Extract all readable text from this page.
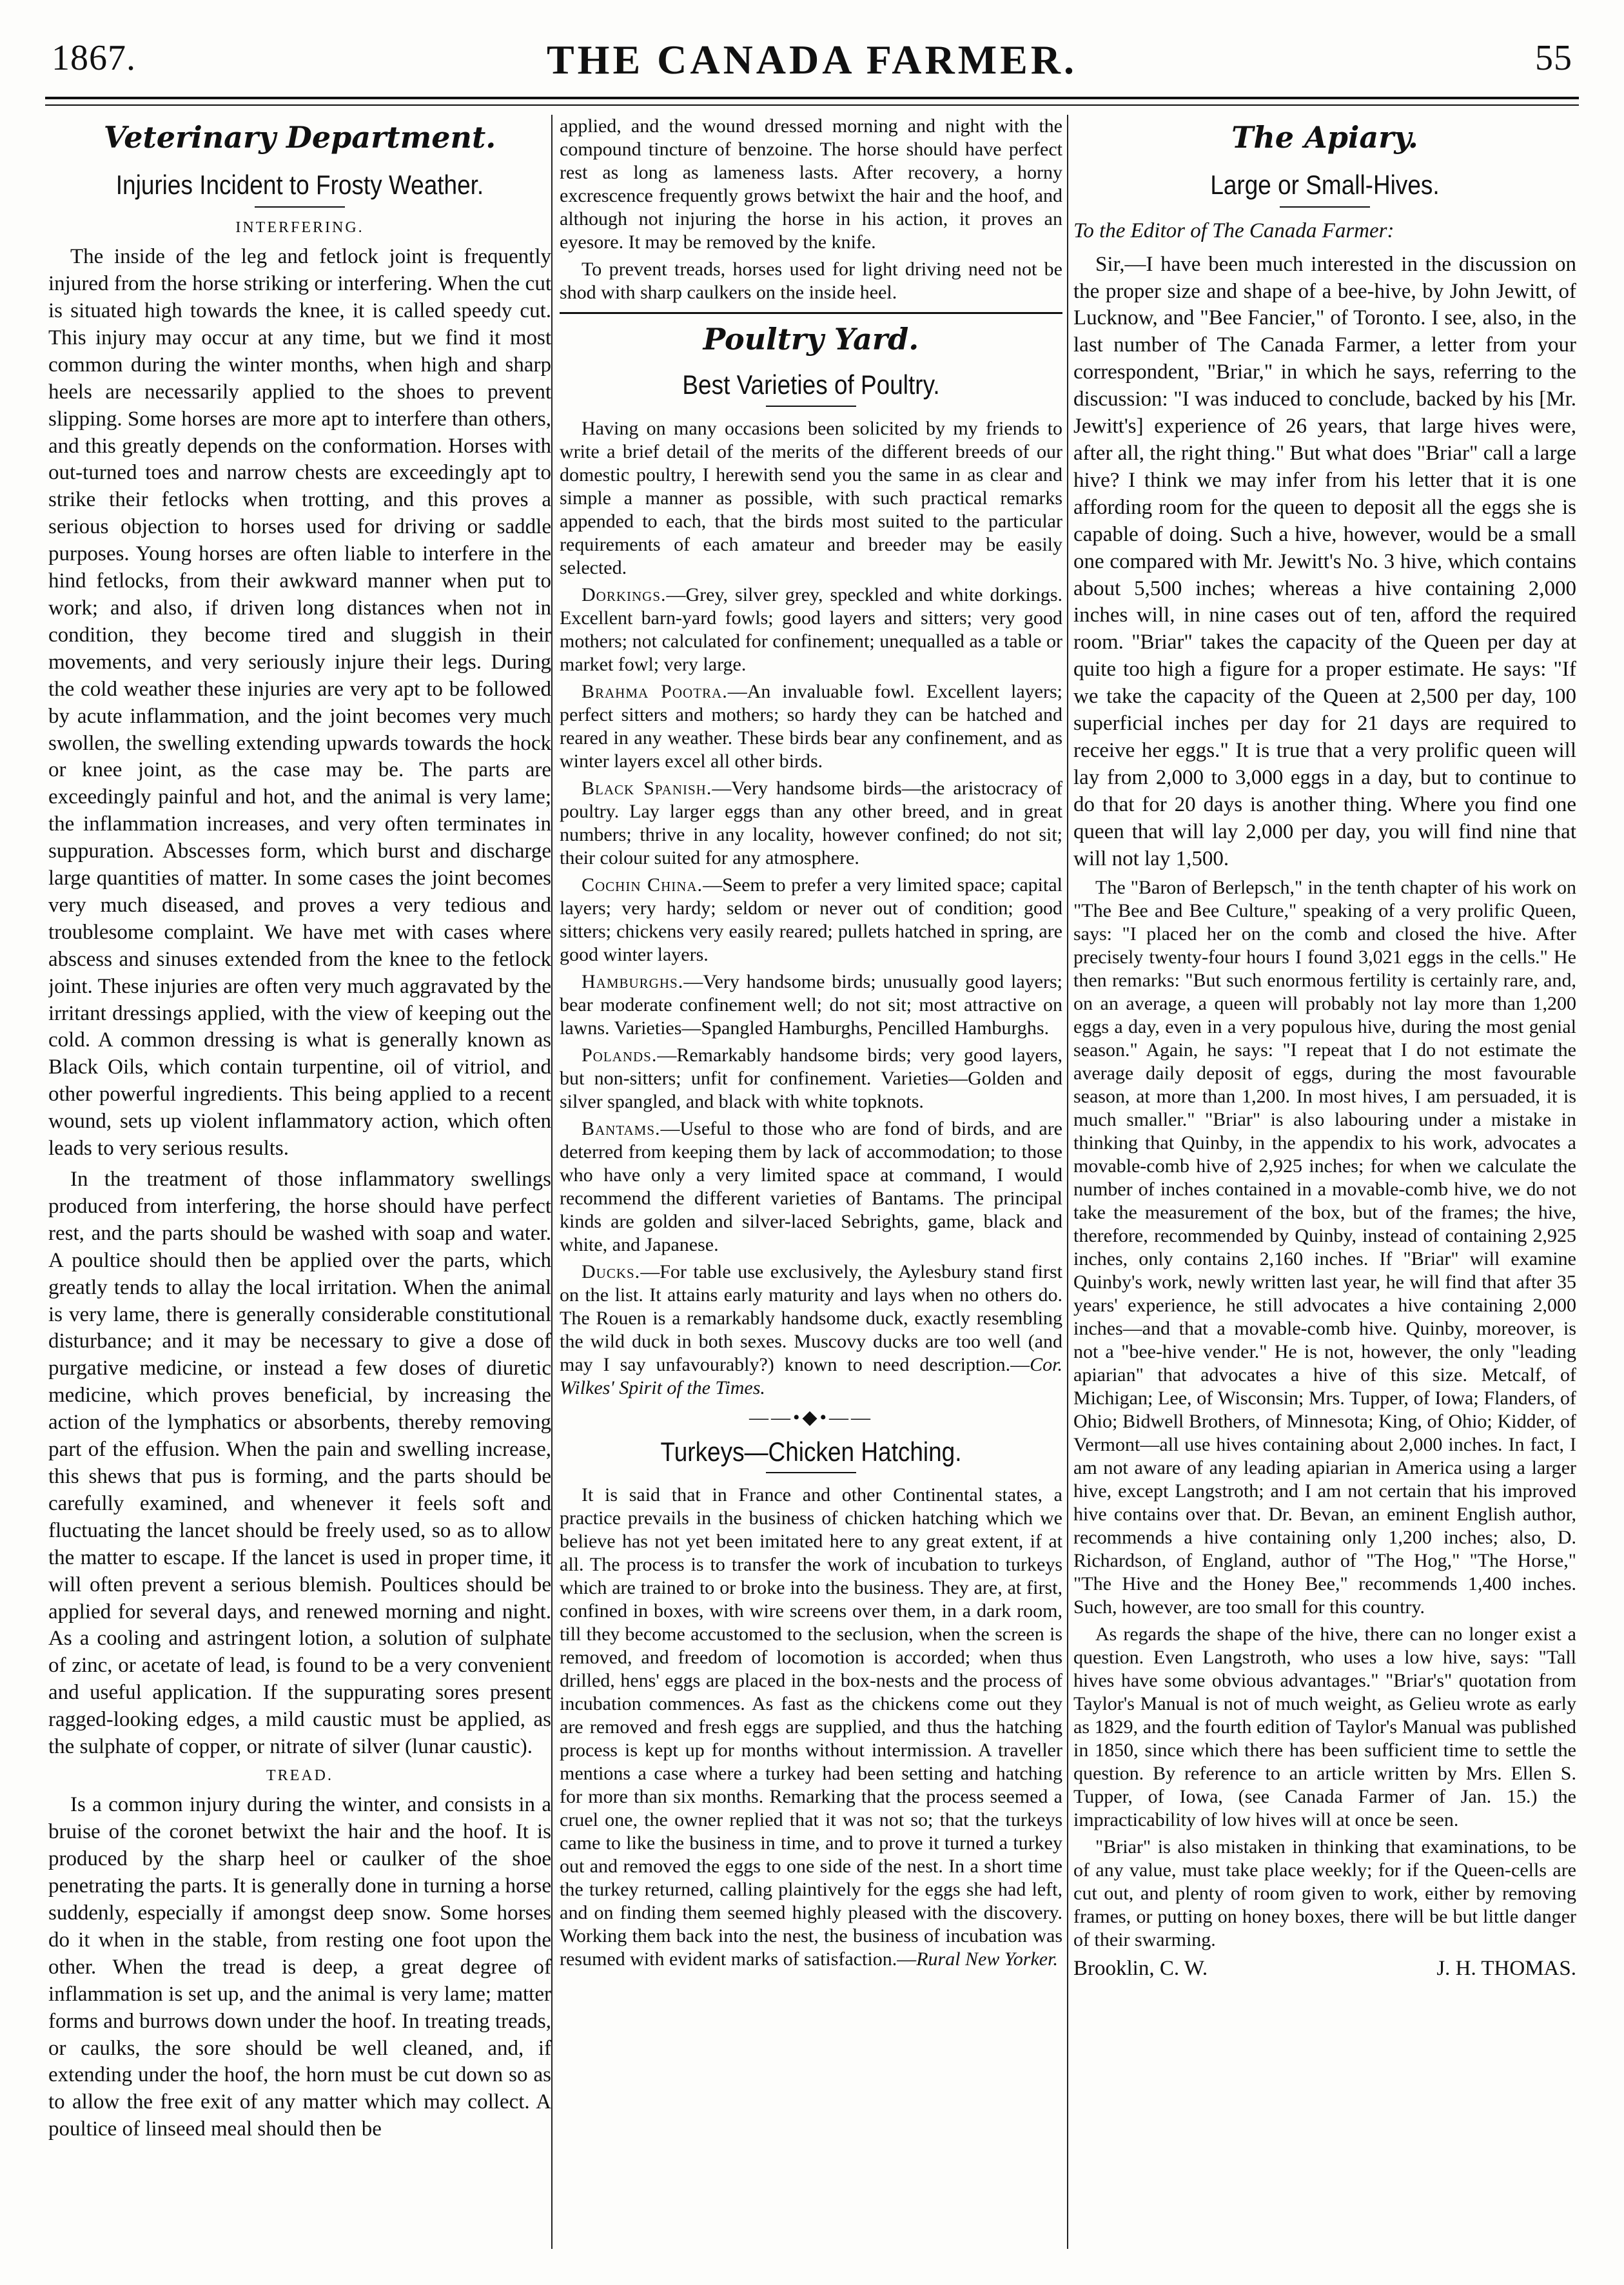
1867.	THE CANADA FARMER.	55
Veterinary Department.
Injuries Incident to Frosty Weather.
INTERFERING.

The inside of the leg and fetlock joint is frequently injured from the horse striking or interfering. When the cut is situated high towards the knee, it is called speedy cut. This injury may occur at any time, but we find it most common during the winter months, when high and sharp heels are necessarily applied to the shoes to prevent slipping. Some horses are more apt to interfere than others, and this greatly depends on the conformation. Horses with out-turned toes and narrow chests are exceedingly apt to strike their fetlocks when trotting, and this proves a serious objection to horses used for driving or saddle purposes. Young horses are often liable to interfere in the hind fetlocks, from their awkward manner when put to work; and also, if driven long distances when not in condition, they become tired and sluggish in their movements, and very seriously injure their legs. During the cold weather these injuries are very apt to be followed by acute inflammation, and the joint becomes very much swollen, the swelling extending upwards towards the hock or knee joint, as the case may be. The parts are exceedingly painful and hot, and the animal is very lame; the inflammation increases, and very often terminates in suppuration. Abscesses form, which burst and discharge large quantities of matter. In some cases the joint becomes very much diseased, and proves a very tedious and troublesome complaint. We have met with cases where abscess and sinuses extended from the knee to the fetlock joint. These injuries are often very much aggravated by the irritant dressings applied, with the view of keeping out the cold. A common dressing is what is generally known as Black Oils, which contain turpentine, oil of vitriol, and other powerful ingredients. This being applied to a recent wound, sets up violent inflammatory action, which often leads to very serious results.

In the treatment of those inflammatory swellings produced from interfering, the horse should have perfect rest, and the parts should be washed with soap and water. A poultice should then be applied over the parts, which greatly tends to allay the local irritation. When the animal is very lame, there is generally considerable constitutional disturbance; and it may be necessary to give a dose of purgative medicine, or instead a few doses of diuretic medicine, which proves beneficial, by increasing the action of the lymphatics or absorbents, thereby removing part of the effusion. When the pain and swelling increase, this shews that pus is forming, and the parts should be carefully examined, and whenever it feels soft and fluctuating the lancet should be freely used, so as to allow the matter to escape. If the lancet is used in proper time, it will often prevent a serious blemish. Poultices should be applied for several days, and renewed morning and night. As a cooling and astringent lotion, a solution of sulphate of zinc, or acetate of lead, is found to be a very convenient and useful application. If the suppurating sores present ragged-looking edges, a mild caustic must be applied, as the sulphate of copper, or nitrate of silver (lunar caustic).

TREAD.

Is a common injury during the winter, and consists in a bruise of the coronet betwixt the hair and the hoof. It is produced by the sharp heel or caulker of the shoe penetrating the parts. It is generally done in turning a horse suddenly, especially if amongst deep snow. Some horses do it when in the stable, from resting one foot upon the other. When the tread is deep, a great degree of inflammation is set up, and the animal is very lame; matter forms and burrows down under the hoof. In treating treads, or caulks, the sore should be well cleaned, and, if extending under the hoof, the horn must be cut down so as to allow the free exit of any matter which may collect. A poultice of linseed meal should then be

applied, and the wound dressed morning and night with the compound tincture of benzoine. The horse should have perfect rest as long as lameness lasts. After recovery, a horny excrescence frequently grows betwixt the hair and the hoof, and although not injuring the horse in his action, it proves an eyesore. It may be removed by the knife.

To prevent treads, horses used for light driving need not be shod with sharp caulkers on the inside heel.

Poultry Yard.
Best Varieties of Poultry.

Having on many occasions been solicited by my friends to write a brief detail of the merits of the different breeds of our domestic poultry, I herewith send you the same in as clear and simple a manner as possible, with such practical remarks appended to each, that the birds most suited to the particular requirements of each amateur and breeder may be easily selected.

Dorkings.—Grey, silver grey, speckled and white dorkings. Excellent barn-yard fowls; good layers and sitters; very good mothers; not calculated for confinement; unequalled as a table or market fowl; very large.

Brahma Pootra.—An invaluable fowl. Excellent layers; perfect sitters and mothers; so hardy they can be hatched and reared in any weather. These birds bear any confinement, and as winter layers excel all other birds.

Black Spanish.—Very handsome birds—the aristocracy of poultry. Lay larger eggs than any other breed, and in great numbers; thrive in any locality, however confined; do not sit; their colour suited for any atmosphere.

Cochin China.—Seem to prefer a very limited space; capital layers; very hardy; seldom or never out of condition; good sitters; chickens very easily reared; pullets hatched in spring, are good winter layers.

Hamburghs.—Very handsome birds; unusually good layers; bear moderate confinement well; do not sit; most attractive on lawns. Varieties—Spangled Hamburghs, Pencilled Hamburghs.

Polands.—Remarkably handsome birds; very good layers, but non-sitters; unfit for confinement. Varieties—Golden and silver spangled, and black with white topknots.

Bantams.—Useful to those who are fond of birds, and are deterred from keeping them by lack of accommodation; to those who have only a very limited space at command, I would recommend the different varieties of Bantams. The principal kinds are golden and silver-laced Sebrights, game, black and white, and Japanese.

Ducks.—For table use exclusively, the Aylesbury stand first on the list. It attains early maturity and lays when no others do. The Rouen is a remarkably handsome duck, exactly resembling the wild duck in both sexes. Muscovy ducks are too well (and may I say unfavourably?) known to need description.—Cor. Wilkes' Spirit of the Times.

——•◆•——
Turkeys—Chicken Hatching.

It is said that in France and other Continental states, a practice prevails in the business of chicken hatching which we believe has not yet been imitated here to any great extent, if at all. The process is to transfer the work of incubation to turkeys which are trained to or broke into the business. They are, at first, confined in boxes, with wire screens over them, in a dark room, till they become accustomed to the seclusion, when the screen is removed, and freedom of locomotion is accorded; when thus drilled, hens' eggs are placed in the box-nests and the process of incubation commences. As fast as the chickens come out they are removed and fresh eggs are supplied, and thus the hatching process is kept up for months without intermission. A traveller mentions a case where a turkey had been setting and hatching for more than six months. Remarking that the process seemed a cruel one, the owner replied that it was not so; that the turkeys came to like the business in time, and to prove it turned a turkey out and removed the eggs to one side of the nest. In a short time the turkey returned, calling plaintively for the eggs she had left, and on finding them seemed highly pleased with the discovery. Working them back into the nest, the business of incubation was resumed with evident marks of satisfaction.—Rural New Yorker.

The Apiary.
Large or Small-Hives.

To the Editor of The Canada Farmer:

Sir,—I have been much interested in the discussion on the proper size and shape of a bee-hive, by John Jewitt, of Lucknow, and "Bee Fancier," of Toronto. I see, also, in the last number of The Canada Farmer, a letter from your correspondent, "Briar," in which he says, referring to the discussion: "I was induced to conclude, backed by his [Mr. Jewitt's] experience of 26 years, that large hives were, after all, the right thing." But what does "Briar" call a large hive? I think we may infer from his letter that it is one affording room for the queen to deposit all the eggs she is capable of doing. Such a hive, however, would be a small one compared with Mr. Jewitt's No. 3 hive, which contains about 5,500 inches; whereas a hive containing 2,000 inches will, in nine cases out of ten, afford the required room. "Briar" takes the capacity of the Queen per day at quite too high a figure for a proper estimate. He says: "If we take the capacity of the Queen at 2,500 per day, 100 superficial inches per day for 21 days are required to receive her eggs." It is true that a very prolific queen will lay from 2,000 to 3,000 eggs in a day, but to continue to do that for 20 days is another thing. Where you find one queen that will lay 2,000 per day, you will find nine that will not lay 1,500.

The "Baron of Berlepsch," in the tenth chapter of his work on "The Bee and Bee Culture," speaking of a very prolific Queen, says: "I placed her on the comb and closed the hive. After precisely twenty-four hours I found 3,021 eggs in the cells." He then remarks: "But such enormous fertility is certainly rare, and, on an average, a queen will probably not lay more than 1,200 eggs a day, even in a very populous hive, during the most genial season." Again, he says: "I repeat that I do not estimate the average daily deposit of eggs, during the most favourable season, at more than 1,200. In most hives, I am persuaded, it is much smaller." "Briar" is also labouring under a mistake in thinking that Quinby, in the appendix to his work, advocates a movable-comb hive of 2,925 inches; for when we calculate the number of inches contained in a movable-comb hive, we do not take the measurement of the box, but of the frames; the hive, therefore, recommended by Quinby, instead of containing 2,925 inches, only contains 2,160 inches. If "Briar" will examine Quinby's work, newly written last year, he will find that after 35 years' experience, he still advocates a hive containing 2,000 inches—and that a movable-comb hive. Quinby, moreover, is not a "bee-hive vender." He is not, however, the only "leading apiarian" that advocates a hive of this size. Metcalf, of Michigan; Lee, of Wisconsin; Mrs. Tupper, of Iowa; Flanders, of Ohio; Bidwell Brothers, of Minnesota; King, of Ohio; Kidder, of Vermont—all use hives containing about 2,000 inches. In fact, I am not aware of any leading apiarian in America using a larger hive, except Langstroth; and I am not certain that his improved hive contains over that. Dr. Bevan, an eminent English author, recommends a hive containing only 1,200 inches; also, D. Richardson, of England, author of "The Hog," "The Horse," "The Hive and the Honey Bee," recommends 1,400 inches. Such, however, are too small for this country.

As regards the shape of the hive, there can no longer exist a question. Even Langstroth, who uses a low hive, says: "Tall hives have some obvious advantages." "Briar's" quotation from Taylor's Manual is not of much weight, as Gelieu wrote as early as 1829, and the fourth edition of Taylor's Manual was published in 1850, since which there has been sufficient time to settle the question. By reference to an article written by Mrs. Ellen S. Tupper, of Iowa, (see Canada Farmer of Jan. 15.) the impracticability of low hives will at once be seen.

"Briar" is also mistaken in thinking that examinations, to be of any value, must take place weekly; for if the Queen-cells are cut out, and plenty of room given to work, either by removing frames, or putting on honey boxes, there will be but little danger of their swarming.

Brooklin, C. W.	J. H. THOMAS.
